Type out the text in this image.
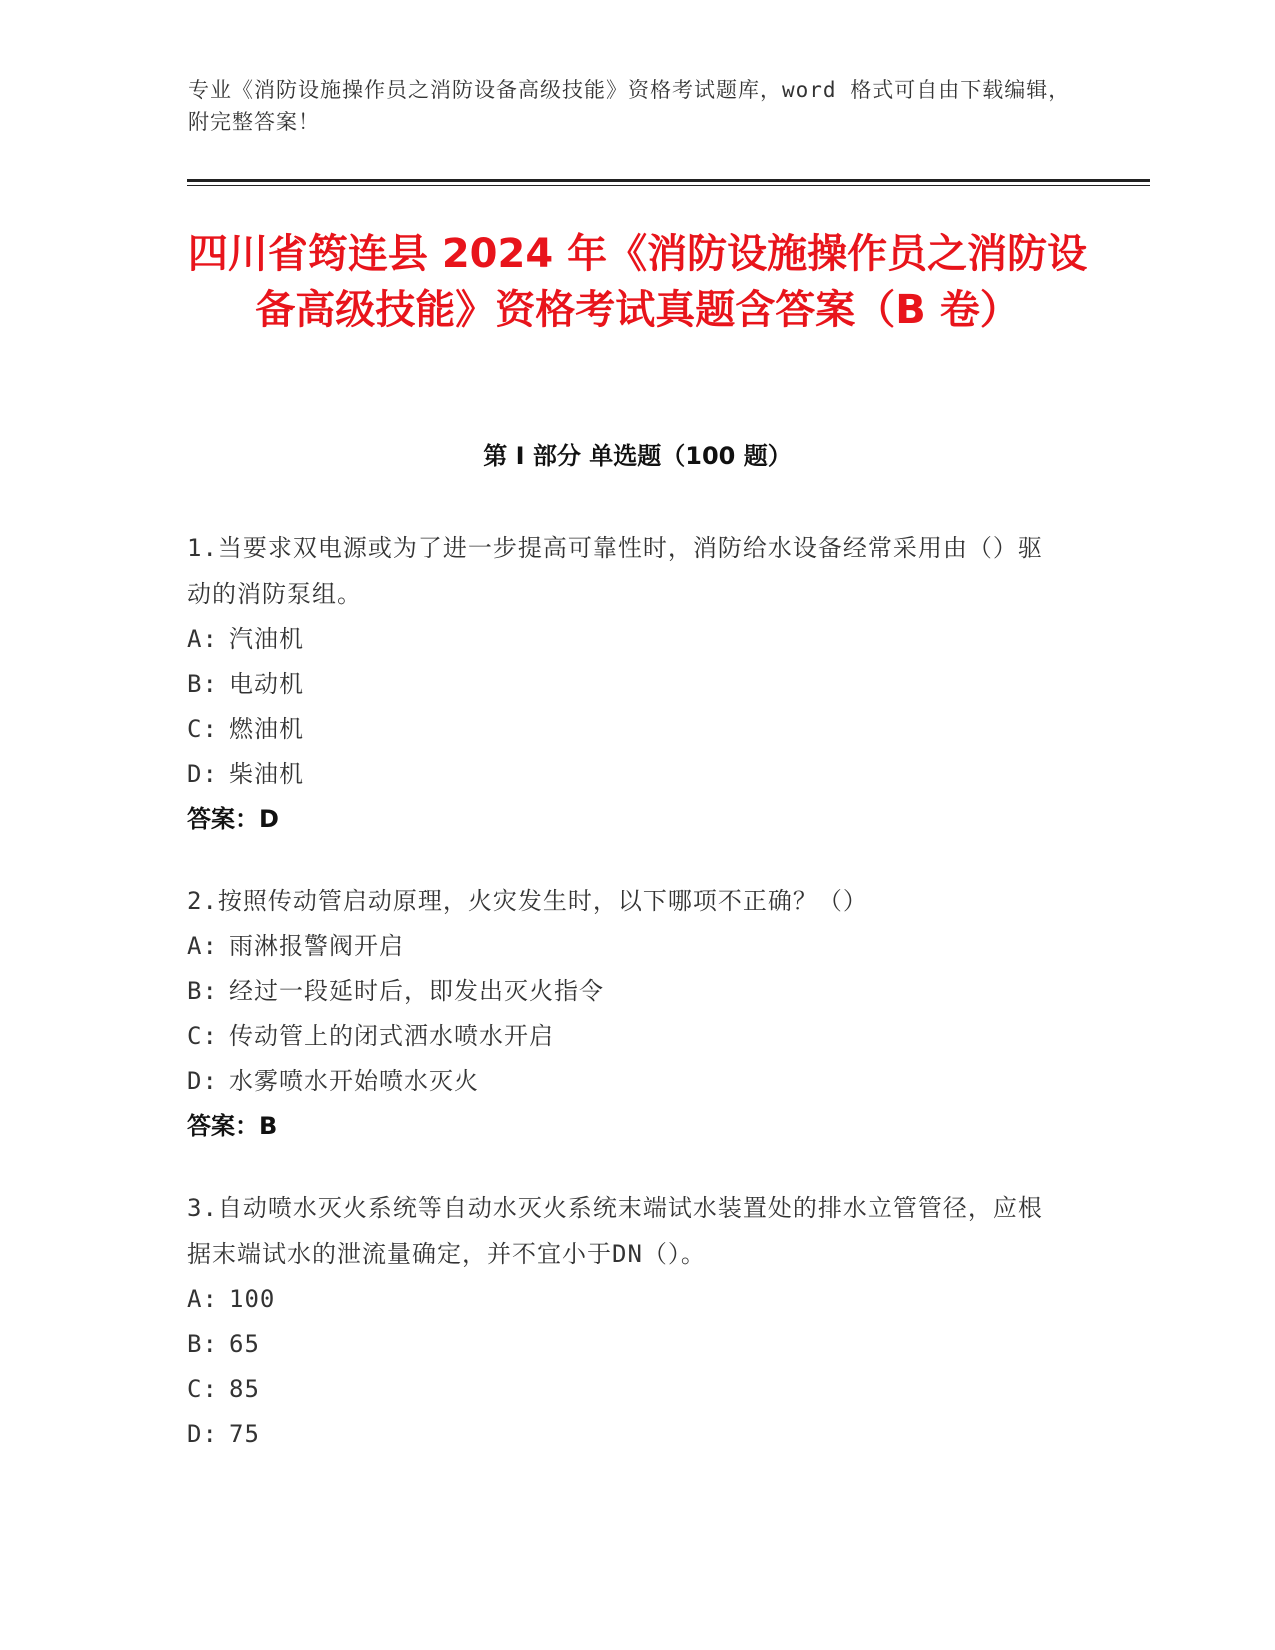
专业《消防设施操作员之消防设备高级技能》资格考试题库，word 格式可自由下载编辑，附完整答案！
四川省筠连县 2024 年《消防设施操作员之消防设备高级技能》资格考试真题含答案（B 卷）
第 I 部分 单选题（100 题）
1.当要求双电源或为了进一步提高可靠性时，消防给水设备经常采用由（）驱动的消防泵组。
A: 汽油机
B: 电动机
C: 燃油机
D: 柴油机
答案：D
2.按照传动管启动原理，火灾发生时，以下哪项不正确？（）
A: 雨淋报警阀开启
B: 经过一段延时后，即发出灭火指令
C: 传动管上的闭式洒水喷水开启
D: 水雾喷水开始喷水灭火
答案：B
3.自动喷水灭火系统等自动水灭火系统末端试水装置处的排水立管管径，应根据末端试水的泄流量确定，并不宜小于DN（）。
A: 100
B: 65
C: 85
D: 75
